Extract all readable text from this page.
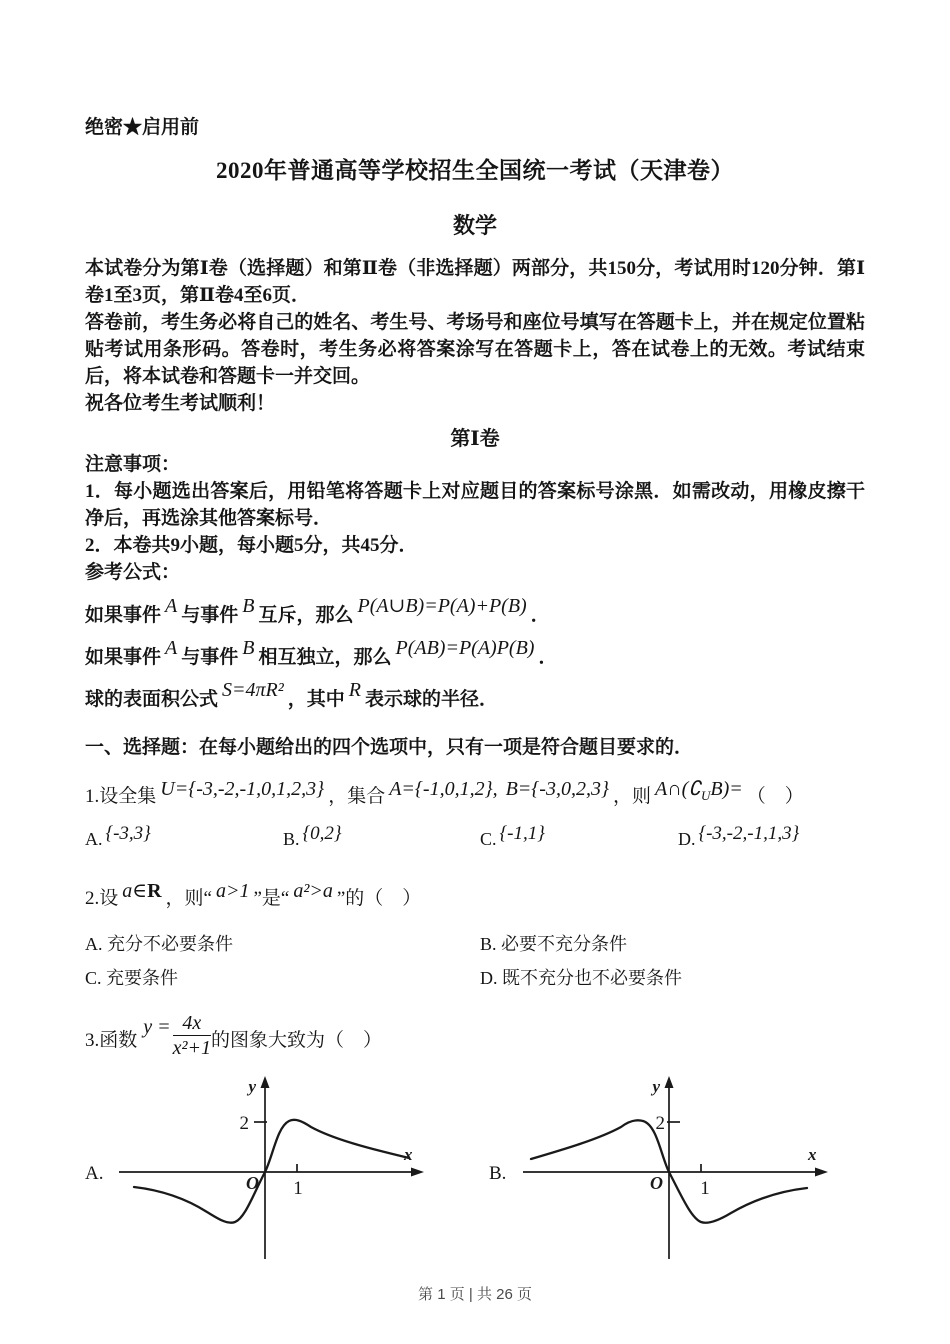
绝密★启用前
2020年普通高等学校招生全国统一考试（天津卷）
数学

本试卷分为第Ⅰ卷（选择题）和第Ⅱ卷（非选择题）两部分，共150分，考试用时120分钟．第Ⅰ卷1至3页，第Ⅱ卷4至6页．

答卷前，考生务必将自己的姓名、考生号、考场号和座位号填写在答题卡上，并在规定位置粘贴考试用条形码。答卷时，考生务必将答案涂写在答题卡上，答在试卷上的无效。考试结束后，将本试卷和答题卡一并交回。

祝各位考生考试顺利！

第Ⅰ卷

注意事项：

1．每小题选出答案后，用铅笔将答题卡上对应题目的答案标号涂黑．如需改动，用橡皮擦干净后，再选涂其他答案标号．

2．本卷共9小题，每小题5分，共45分．

参考公式：

如果事件 A 与事件 B 互斥，那么 P(A∪B)=P(A)+P(B) ．
如果事件 A 与事件 B 相互独立，那么 P(AB)=P(A)P(B) ．
球的表面积公式 S=4πR² ，其中 R 表示球的半径．
一、选择题：在每小题给出的四个选项中，只有一项是符合题目要求的．
1.设全集 U={-3,-2,-1,0,1,2,3} ，集合 A={-1,0,1,2}, B={-3,0,2,3} ，则 $A\cap(∁_UB)=$ （　）
A. {-3,3}	B. {0,2}	C. {-1,1}	D. {-3,-2,-1,1,3}
2.设 a∈R ，则“ a>1 ”是“ a²>a ”的（　）
A. 充分不必要条件	B. 必要不充分条件
C. 充要条件	D. 既不充分也不必要条件
3.函数$y = \frac{4x}{\text{x²+1}}$ 的图象大致为（　）
A.
y
x
O
2
1
B.
y
x
O
2
1
第 1 页 | 共 26 页
